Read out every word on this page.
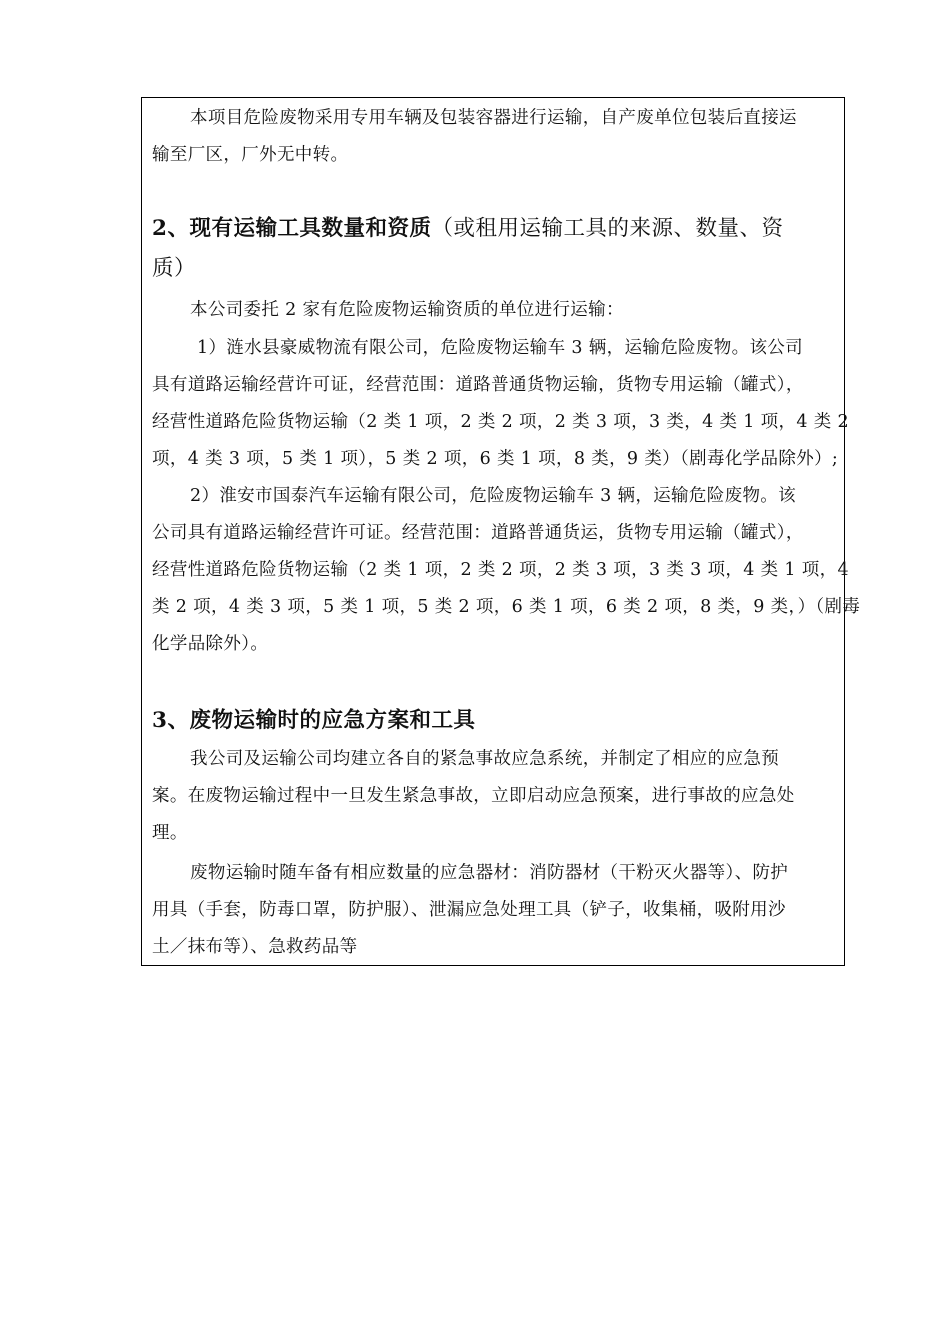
本项目危险废物采用专用车辆及包装容器进行运输，自产废单位包装后直接运
输至厂区，厂外无中转。
2、现有运输工具数量和资质（或租用运输工具的来源、数量、资
质）
本公司委托 2 家有危险废物运输资质的单位进行运输：
1）涟水县豪威物流有限公司，危险废物运输车 3 辆，运输危险废物。该公司
具有道路运输经营许可证，经营范围：道路普通货物运输，货物专用运输（罐式），
经营性道路危险货物运输（2 类 1 项，2 类 2 项，2 类 3 项，3 类，4 类 1 项，4 类 2
项，4 类 3 项，5 类 1 项），5 类 2 项，6 类 1 项，8 类，9 类）（剧毒化学品除外）;
2）淮安市国泰汽车运输有限公司，危险废物运输车 3 辆，运输危险废物。该
公司具有道路运输经营许可证。经营范围：道路普通货运，货物专用运输（罐式），
经营性道路危险货物运输（2 类 1 项，2 类 2 项，2 类 3 项，3 类 3 项，4 类 1 项，4
类 2 项，4 类 3 项，5 类 1 项，5 类 2 项，6 类 1 项，6 类 2 项，8 类，9 类，）（剧毒
化学品除外）。
3、废物运输时的应急方案和工具
我公司及运输公司均建立各自的紧急事故应急系统，并制定了相应的应急预
案。在废物运输过程中一旦发生紧急事故，立即启动应急预案，进行事故的应急处
理。
废物运输时随车备有相应数量的应急器材：消防器材（干粉灭火器等）、防护
用具（手套，防毒口罩，防护服）、泄漏应急处理工具（铲子，收集桶，吸附用沙
土／抹布等）、急救药品等
